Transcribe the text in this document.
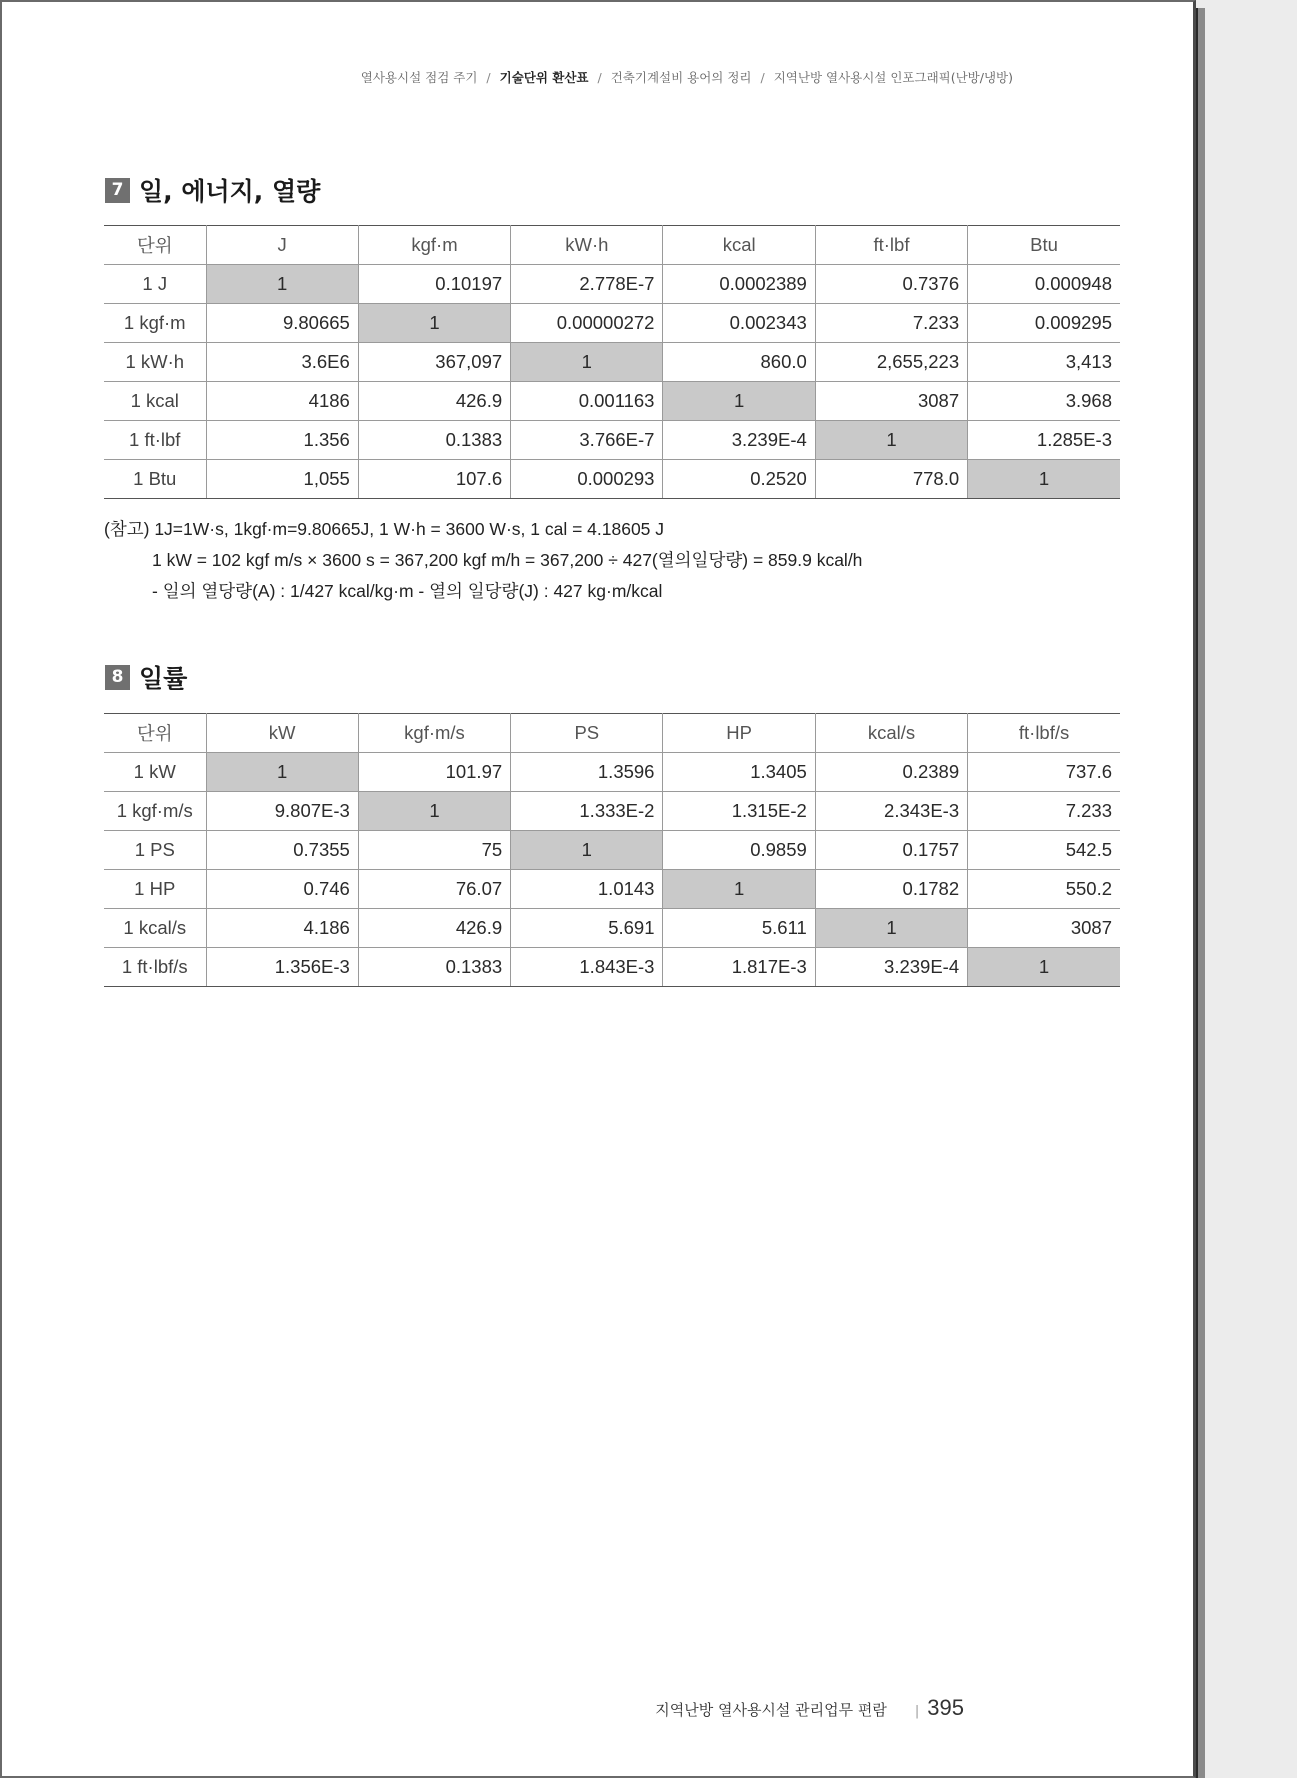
열사용시설 점검 주기 / 기술단위 환산표 / 건축기계설비 용어의 정리 / 지역난방 열사용시설 인포그래픽(난방/냉방)
7 일, 에너지, 열량
단위	J	kgf·m	kW·h	kcal	ft·lbf	Btu
1 J	1	0.10197	2.778E-7	0.0002389	0.7376	0.000948
1 kgf·m	9.80665	1	0.00000272	0.002343	7.233	0.009295
1 kW·h	3.6E6	367,097	1	860.0	2,655,223	3,413
1 kcal	4186	426.9	0.001163	1	3087	3.968
1 ft·lbf	1.356	0.1383	3.766E-7	3.239E-4	1	1.285E-3
1 Btu	1,055	107.6	0.000293	0.2520	778.0	1
(참고) 1J=1W·s, 1kgf·m=9.80665J, 1 W·h = 3600 W·s, 1 cal = 4.18605 J
1 kW = 102 kgf m/s × 3600 s = 367,200 kgf m/h = 367,200 ÷ 427(열의일당량) = 859.9 kcal/h
- 일의 열당량(A) : 1/427 kcal/kg·m - 열의 일당량(J) : 427 kg·m/kcal
8 일률
단위	kW	kgf·m/s	PS	HP	kcal/s	ft·lbf/s
1 kW	1	101.97	1.3596	1.3405	0.2389	737.6
1 kgf·m/s	9.807E-3	1	1.333E-2	1.315E-2	2.343E-3	7.233
1 PS	0.7355	75	1	0.9859	0.1757	542.5
1 HP	0.746	76.07	1.0143	1	0.1782	550.2
1 kcal/s	4.186	426.9	5.691	5.611	1	3087
1 ft·lbf/s	1.356E-3	0.1383	1.843E-3	1.817E-3	3.239E-4	1
지역난방 열사용시설 관리업무 편람 | 395
